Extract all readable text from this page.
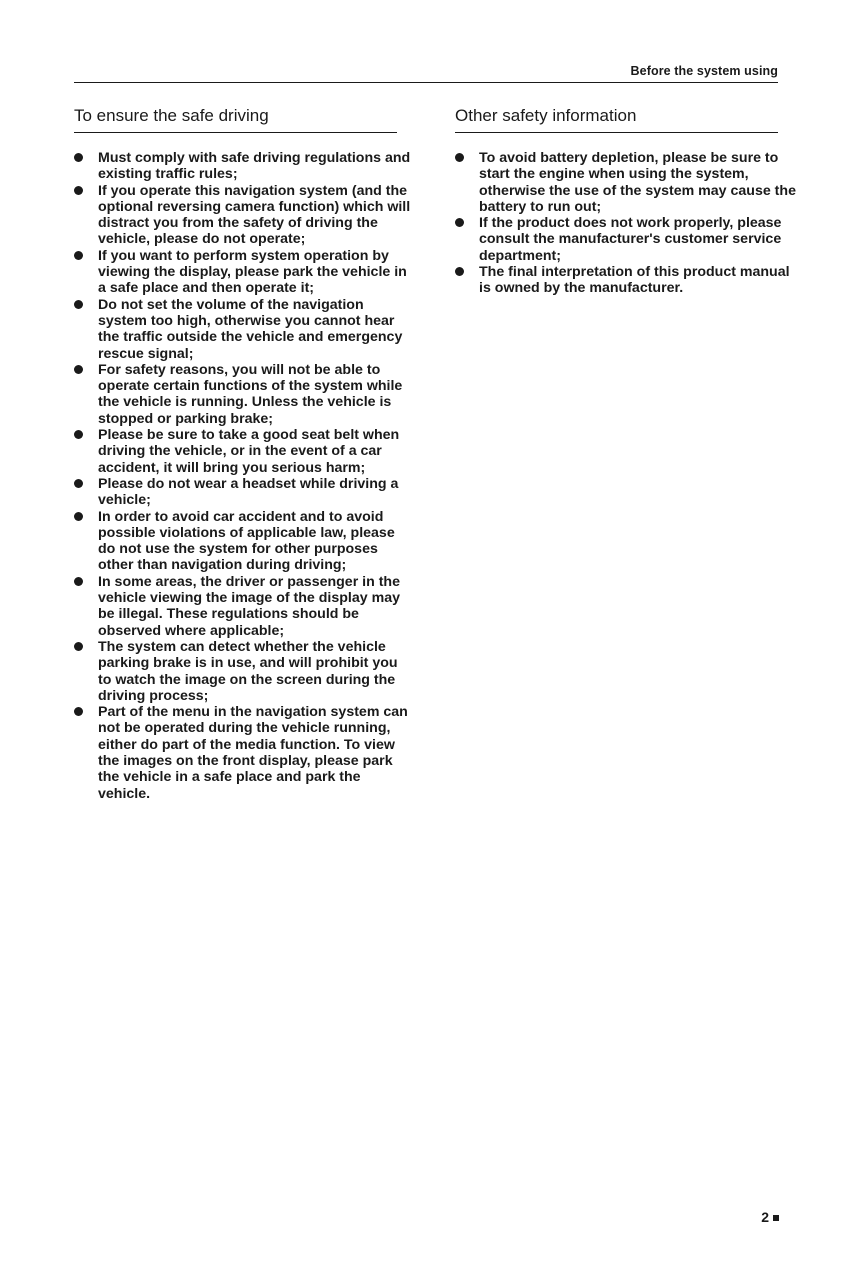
Before the system using
To ensure the safe driving
Must comply with safe driving regulations and existing traffic rules;
If you operate this navigation system (and the optional reversing camera function) which will distract you from the safety of driving the vehicle, please do not operate;
If you want to perform system operation by viewing the display, please park the vehicle in a safe place and then operate it;
Do not set the volume of the navigation system too high, otherwise you cannot hear the traffic outside the vehicle and emergency rescue signal;
For safety reasons, you will not be able to operate certain functions of the system while the vehicle is running. Unless the vehicle is stopped or parking brake;
Please be sure to take a good seat belt when driving the vehicle, or in the event of a car accident, it will bring you serious harm;
Please do not wear a headset while driving a vehicle;
In order to avoid car accident and to avoid possible violations of applicable law, please do not use the system for other purposes other than navigation during driving;
In some areas, the driver or passenger in the vehicle viewing the image of the display may be illegal. These regulations should be observed where applicable;
The system can detect whether the vehicle parking brake is in use, and will prohibit you to watch the image on the screen during the driving process;
Part of the menu in the navigation system can not be operated during the vehicle running, either do part of the media function. To view the images on the front display, please park the vehicle in a safe place and park the vehicle.
Other safety information
To avoid battery depletion, please be sure to start the engine when using the system, otherwise the use of the system may cause the battery to run out;
If the product does not work properly, please consult the manufacturer's customer service department;
The final interpretation of this product manual is owned by the manufacturer.
2
